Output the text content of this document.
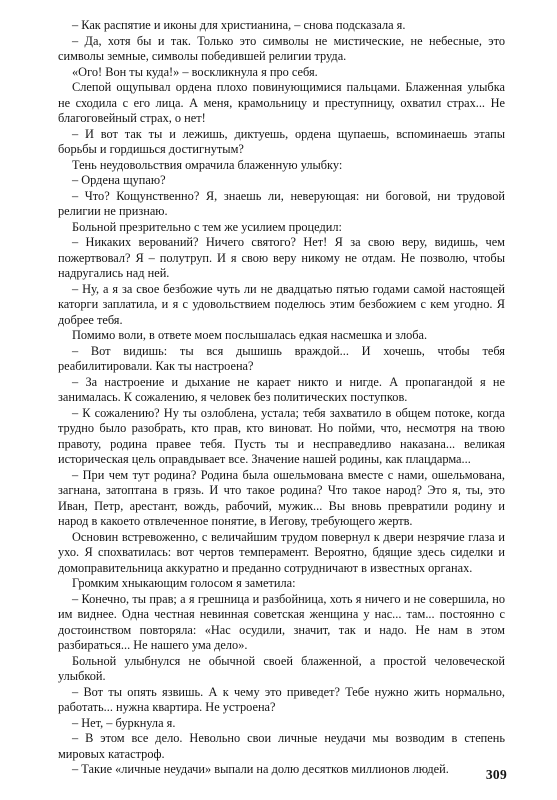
– Как распятие и иконы для христианина, – снова подсказала я.

– Да, хотя бы и так. Только это символы не мистические, не небесные, это символы земные, символы победившей религии труда.

«Ого! Вон ты куда!» – воскликнула я про себя.

Слепой ощупывал ордена плохо повинующимися пальцами. Блаженная улыбка не сходила с его лица. А меня, крамольницу и преступницу, охватил страх... Не благоговейный страх, о нет!

– И вот так ты и лежишь, диктуешь, ордена щупаешь, вспоминаешь этапы борьбы и гордишься достигнутым?

Тень неудовольствия омрачила блаженную улыбку:

– Ордена щупаю?

– Что? Кощунственно? Я, знаешь ли, неверующая: ни боговой, ни трудовой религии не признаю.

Больной презрительно с тем же усилием процедил:

– Никаких верований? Ничего святого? Нет! Я за свою веру, видишь, чем пожертвовал? Я – полутруп. И я свою веру никому не отдам. Не позволю, чтобы надругались над ней.

– Ну, а я за свое безбожие чуть ли не двадцатью пятью годами самой настоящей каторги заплатила, и я с удовольствием поделюсь этим безбожием с кем угодно. Я добрее тебя.

Помимо воли, в ответе моем послышалась едкая насмешка и злоба.

– Вот видишь: ты вся дышишь враждой... И хочешь, чтобы тебя реабилитировали. Как ты настроена?

– За настроение и дыхание не карает никто и нигде. А пропагандой я не занималась. К сожалению, я человек без политических поступков.

– К сожалению? Ну ты озлоблена, устала; тебя захватило в общем потоке, когда трудно было разобрать, кто прав, кто виноват. Но пойми, что, несмотря на твою правоту, родина правее тебя. Пусть ты и несправедливо наказана... великая историческая цель оправдывает все. Значение нашей родины, как плацдарма...

– При чем тут родина? Родина была ошельмована вместе с нами, ошельмована, загнана, затоптана в грязь. И что такое родина? Что такое народ? Это я, ты, это Иван, Петр, арестант, вождь, рабочий, мужик... Вы вновь превратили родину и народ в какоето отвлеченное понятие, в Иегову, требующего жертв.

Основин встревоженно, с величайшим трудом повернул к двери незрячие глаза и ухо. Я спохватилась: вот чертов темперамент. Вероятно, бдящие здесь сиделки и домоправительница аккуратно и преданно сотрудничают в известных органах.

Громким хныкающим голосом я заметила:

– Конечно, ты прав; а я грешница и разбойница, хоть я ничего и не совершила, но им виднее. Одна честная невинная советская женщина у нас... там... постоянно с достоинством повторяла: «Нас осудили, значит, так и надо. Не нам в этом разбираться... Не нашего ума дело».

Больной улыбнулся не обычной своей блаженной, а простой человеческой улыбкой.

– Вот ты опять язвишь. А к чему это приведет? Тебе нужно жить нормально, работать... нужна квартира. Не устроена?

– Нет, – буркнула я.

– В этом все дело. Невольно свои личные неудачи мы возводим в степень мировых катастроф.

– Такие «личные неудачи» выпали на долю десятков миллионов людей.	309
